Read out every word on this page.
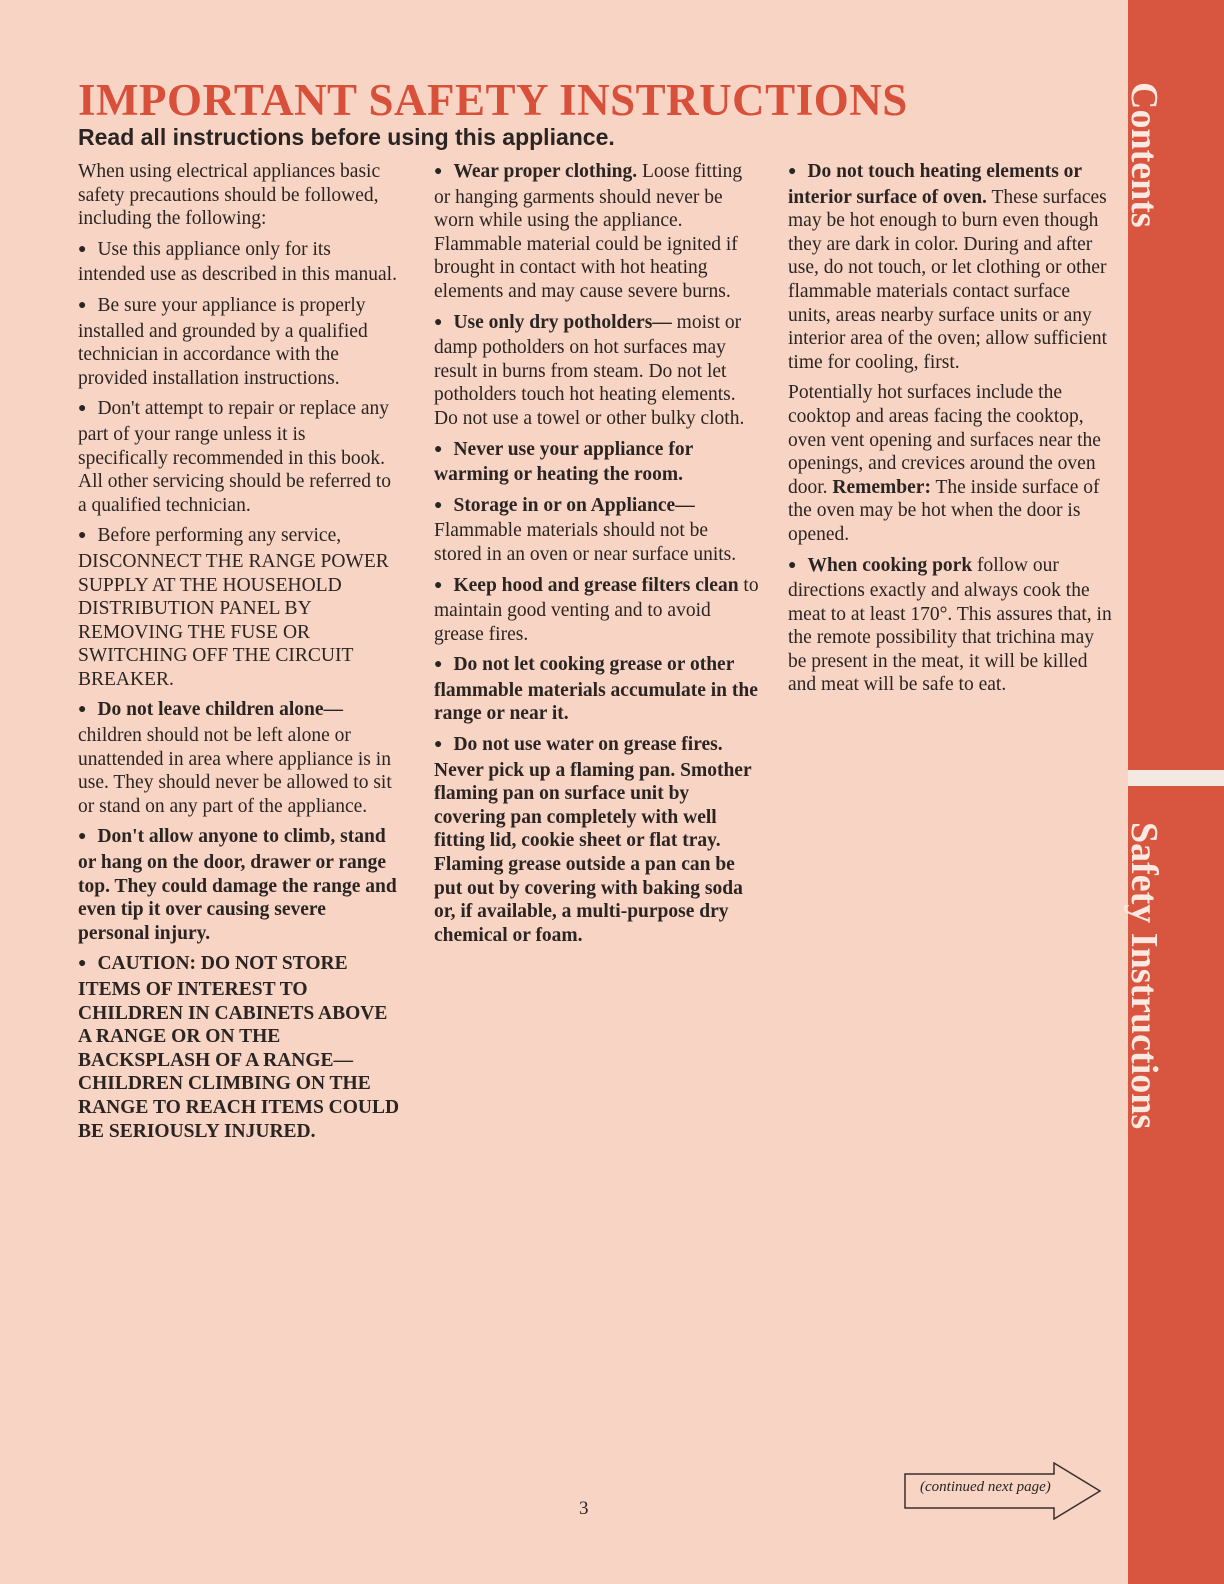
IMPORTANT SAFETY INSTRUCTIONS
Read all instructions before using this appliance.

When using electrical appliances basic safety precautions should be followed, including the following:

● Use this appliance only for its intended use as described in this manual.

● Be sure your appliance is properly installed and grounded by a qualified technician in accordance with the provided installation instructions.

● Don't attempt to repair or replace any part of your range unless it is specifically recommended in this book. All other servicing should be referred to a qualified technician.

● Before performing any service, DISCONNECT THE RANGE POWER SUPPLY AT THE HOUSEHOLD DISTRIBUTION PANEL BY REMOVING THE FUSE OR SWITCHING OFF THE CIRCUIT BREAKER.

● Do not leave children alone— children should not be left alone or unattended in area where appliance is in use. They should never be allowed to sit or stand on any part of the appliance.

● Don't allow anyone to climb, stand or hang on the door, drawer or range top. They could damage the range and even tip it over causing severe personal injury.

● CAUTION: DO NOT STORE ITEMS OF INTEREST TO CHILDREN IN CABINETS ABOVE A RANGE OR ON THE BACKSPLASH OF A RANGE— CHILDREN CLIMBING ON THE RANGE TO REACH ITEMS COULD BE SERIOUSLY INJURED.

● Wear proper clothing. Loose fitting or hanging garments should never be worn while using the appliance. Flammable material could be ignited if brought in contact with hot heating elements and may cause severe burns.

● Use only dry potholders— moist or damp potholders on hot surfaces may result in burns from steam. Do not let potholders touch hot heating elements. Do not use a towel or other bulky cloth.

● Never use your appliance for warming or heating the room.

● Storage in or on Appliance— Flammable materials should not be stored in an oven or near surface units.

● Keep hood and grease filters clean to maintain good venting and to avoid grease fires.

● Do not let cooking grease or other flammable materials accumulate in the range or near it.

● Do not use water on grease fires. Never pick up a flaming pan. Smother flaming pan on surface unit by covering pan completely with well fitting lid, cookie sheet or flat tray. Flaming grease outside a pan can be put out by covering with baking soda or, if available, a multi-purpose dry chemical or foam.

● Do not touch heating elements or interior surface of oven. These surfaces may be hot enough to burn even though they are dark in color. During and after use, do not touch, or let clothing or other flammable materials contact surface units, areas nearby surface units or any interior area of the oven; allow sufficient time for cooling, first.

Potentially hot surfaces include the cooktop and areas facing the cooktop, oven vent opening and surfaces near the openings, and crevices around the oven door. Remember: The inside surface of the oven may be hot when the door is opened.

● When cooking pork follow our directions exactly and always cook the meat to at least 170°. This assures that, in the remote possibility that trichina may be present in the meat, it will be killed and meat will be safe to eat.

Contents
Safety Instructions
(continued next page)
3
